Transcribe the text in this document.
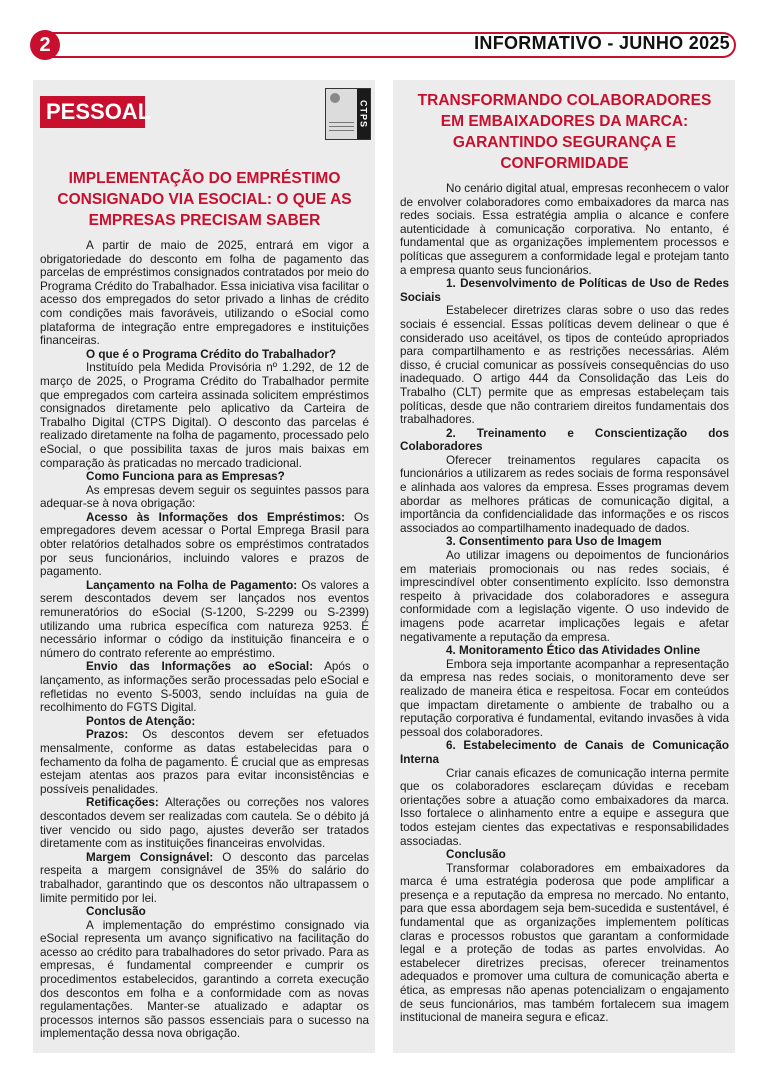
2	INFORMATIVO - JUNHO 2025
PESSOAL	CTPS
IMPLEMENTAÇÃO DO EMPRÉSTIMO CONSIGNADO VIA ESOCIAL: O QUE AS EMPRESAS PRECISAM SABER

A partir de maio de 2025, entrará em vigor a obrigatoriedade do desconto em folha de pagamento das parcelas de empréstimos consignados contratados por meio do Programa Crédito do Trabalhador. Essa iniciativa visa facilitar o acesso dos empregados do setor privado a linhas de crédito com condições mais favoráveis, utilizando o eSocial como plataforma de integração entre empregadores e instituições financeiras.

O que é o Programa Crédito do Trabalhador?

Instituído pela Medida Provisória nº 1.292, de 12 de março de 2025, o Programa Crédito do Trabalhador permite que empregados com carteira assinada solicitem empréstimos consignados diretamente pelo aplicativo da Carteira de Trabalho Digital (CTPS Digital). O desconto das parcelas é realizado diretamente na folha de pagamento, processado pelo eSocial, o que possibilita taxas de juros mais baixas em comparação às praticadas no mercado tradicional.

Como Funciona para as Empresas?

As empresas devem seguir os seguintes passos para adequar-se à nova obrigação:

Acesso às Informações dos Empréstimos: Os empregadores devem acessar o Portal Emprega Brasil para obter relatórios detalhados sobre os empréstimos contratados por seus funcionários, incluindo valores e prazos de pagamento.

Lançamento na Folha de Pagamento: Os valores a serem descontados devem ser lançados nos eventos remuneratórios do eSocial (S-1200, S-2299 ou S-2399) utilizando uma rubrica específica com natureza 9253. É necessário informar o código da instituição financeira e o número do contrato referente ao empréstimo.

Envio das Informações ao eSocial: Após o lançamento, as informações serão processadas pelo eSocial e refletidas no evento S-5003, sendo incluídas na guia de recolhimento do FGTS Digital.

Pontos de Atenção:

Prazos: Os descontos devem ser efetuados mensalmente, conforme as datas estabelecidas para o fechamento da folha de pagamento. É crucial que as empresas estejam atentas aos prazos para evitar inconsistências e possíveis penalidades.

Retificações: Alterações ou correções nos valores descontados devem ser realizadas com cautela. Se o débito já tiver vencido ou sido pago, ajustes deverão ser tratados diretamente com as instituições financeiras envolvidas.

Margem Consignável: O desconto das parcelas respeita a margem consignável de 35% do salário do trabalhador, garantindo que os descontos não ultrapassem o limite permitido por lei.

Conclusão

A implementação do empréstimo consignado via eSocial representa um avanço significativo na facilitação do acesso ao crédito para trabalhadores do setor privado. Para as empresas, é fundamental compreender e cumprir os procedimentos estabelecidos, garantindo a correta execução dos descontos em folha e a conformidade com as novas regulamentações. Manter-se atualizado e adaptar os processos internos são passos essenciais para o sucesso na implementação dessa nova obrigação.

TRANSFORMANDO COLABORADORES EM EMBAIXADORES DA MARCA: GARANTINDO SEGURANÇA E CONFORMIDADE

No cenário digital atual, empresas reconhecem o valor de envolver colaboradores como embaixadores da marca nas redes sociais. Essa estratégia amplia o alcance e confere autenticidade à comunicação corporativa. No entanto, é fundamental que as organizações implementem processos e políticas que assegurem a conformidade legal e protejam tanto a empresa quanto seus funcionários.

1. Desenvolvimento de Políticas de Uso de Redes Sociais

Estabelecer diretrizes claras sobre o uso das redes sociais é essencial. Essas políticas devem delinear o que é considerado uso aceitável, os tipos de conteúdo apropriados para compartilhamento e as restrições necessárias. Além disso, é crucial comunicar as possíveis consequências do uso inadequado. O artigo 444 da Consolidação das Leis do Trabalho (CLT) permite que as empresas estabeleçam tais políticas, desde que não contrariem direitos fundamentais dos trabalhadores.

2. Treinamento e Conscientização dos Colaboradores

Oferecer treinamentos regulares capacita os funcionários a utilizarem as redes sociais de forma responsável e alinhada aos valores da empresa. Esses programas devem abordar as melhores práticas de comunicação digital, a importância da confidencialidade das informações e os riscos associados ao compartilhamento inadequado de dados.

3. Consentimento para Uso de Imagem

Ao utilizar imagens ou depoimentos de funcionários em materiais promocionais ou nas redes sociais, é imprescindível obter consentimento explícito. Isso demonstra respeito à privacidade dos colaboradores e assegura conformidade com a legislação vigente. O uso indevido de imagens pode acarretar implicações legais e afetar negativamente a reputação da empresa.

4. Monitoramento Ético das Atividades Online

Embora seja importante acompanhar a representação da empresa nas redes sociais, o monitoramento deve ser realizado de maneira ética e respeitosa. Focar em conteúdos que impactam diretamente o ambiente de trabalho ou a reputação corporativa é fundamental, evitando invasões à vida pessoal dos colaboradores.

6. Estabelecimento de Canais de Comunicação Interna

Criar canais eficazes de comunicação interna permite que os colaboradores esclareçam dúvidas e recebam orientações sobre a atuação como embaixadores da marca. Isso fortalece o alinhamento entre a equipe e assegura que todos estejam cientes das expectativas e responsabilidades associadas.

Conclusão

Transformar colaboradores em embaixadores da marca é uma estratégia poderosa que pode amplificar a presença e a reputação da empresa no mercado. No entanto, para que essa abordagem seja bem-sucedida e sustentável, é fundamental que as organizações implementem políticas claras e processos robustos que garantam a conformidade legal e a proteção de todas as partes envolvidas. Ao estabelecer diretrizes precisas, oferecer treinamentos adequados e promover uma cultura de comunicação aberta e ética, as empresas não apenas potencializam o engajamento de seus funcionários, mas também fortalecem sua imagem institucional de maneira segura e eficaz.
